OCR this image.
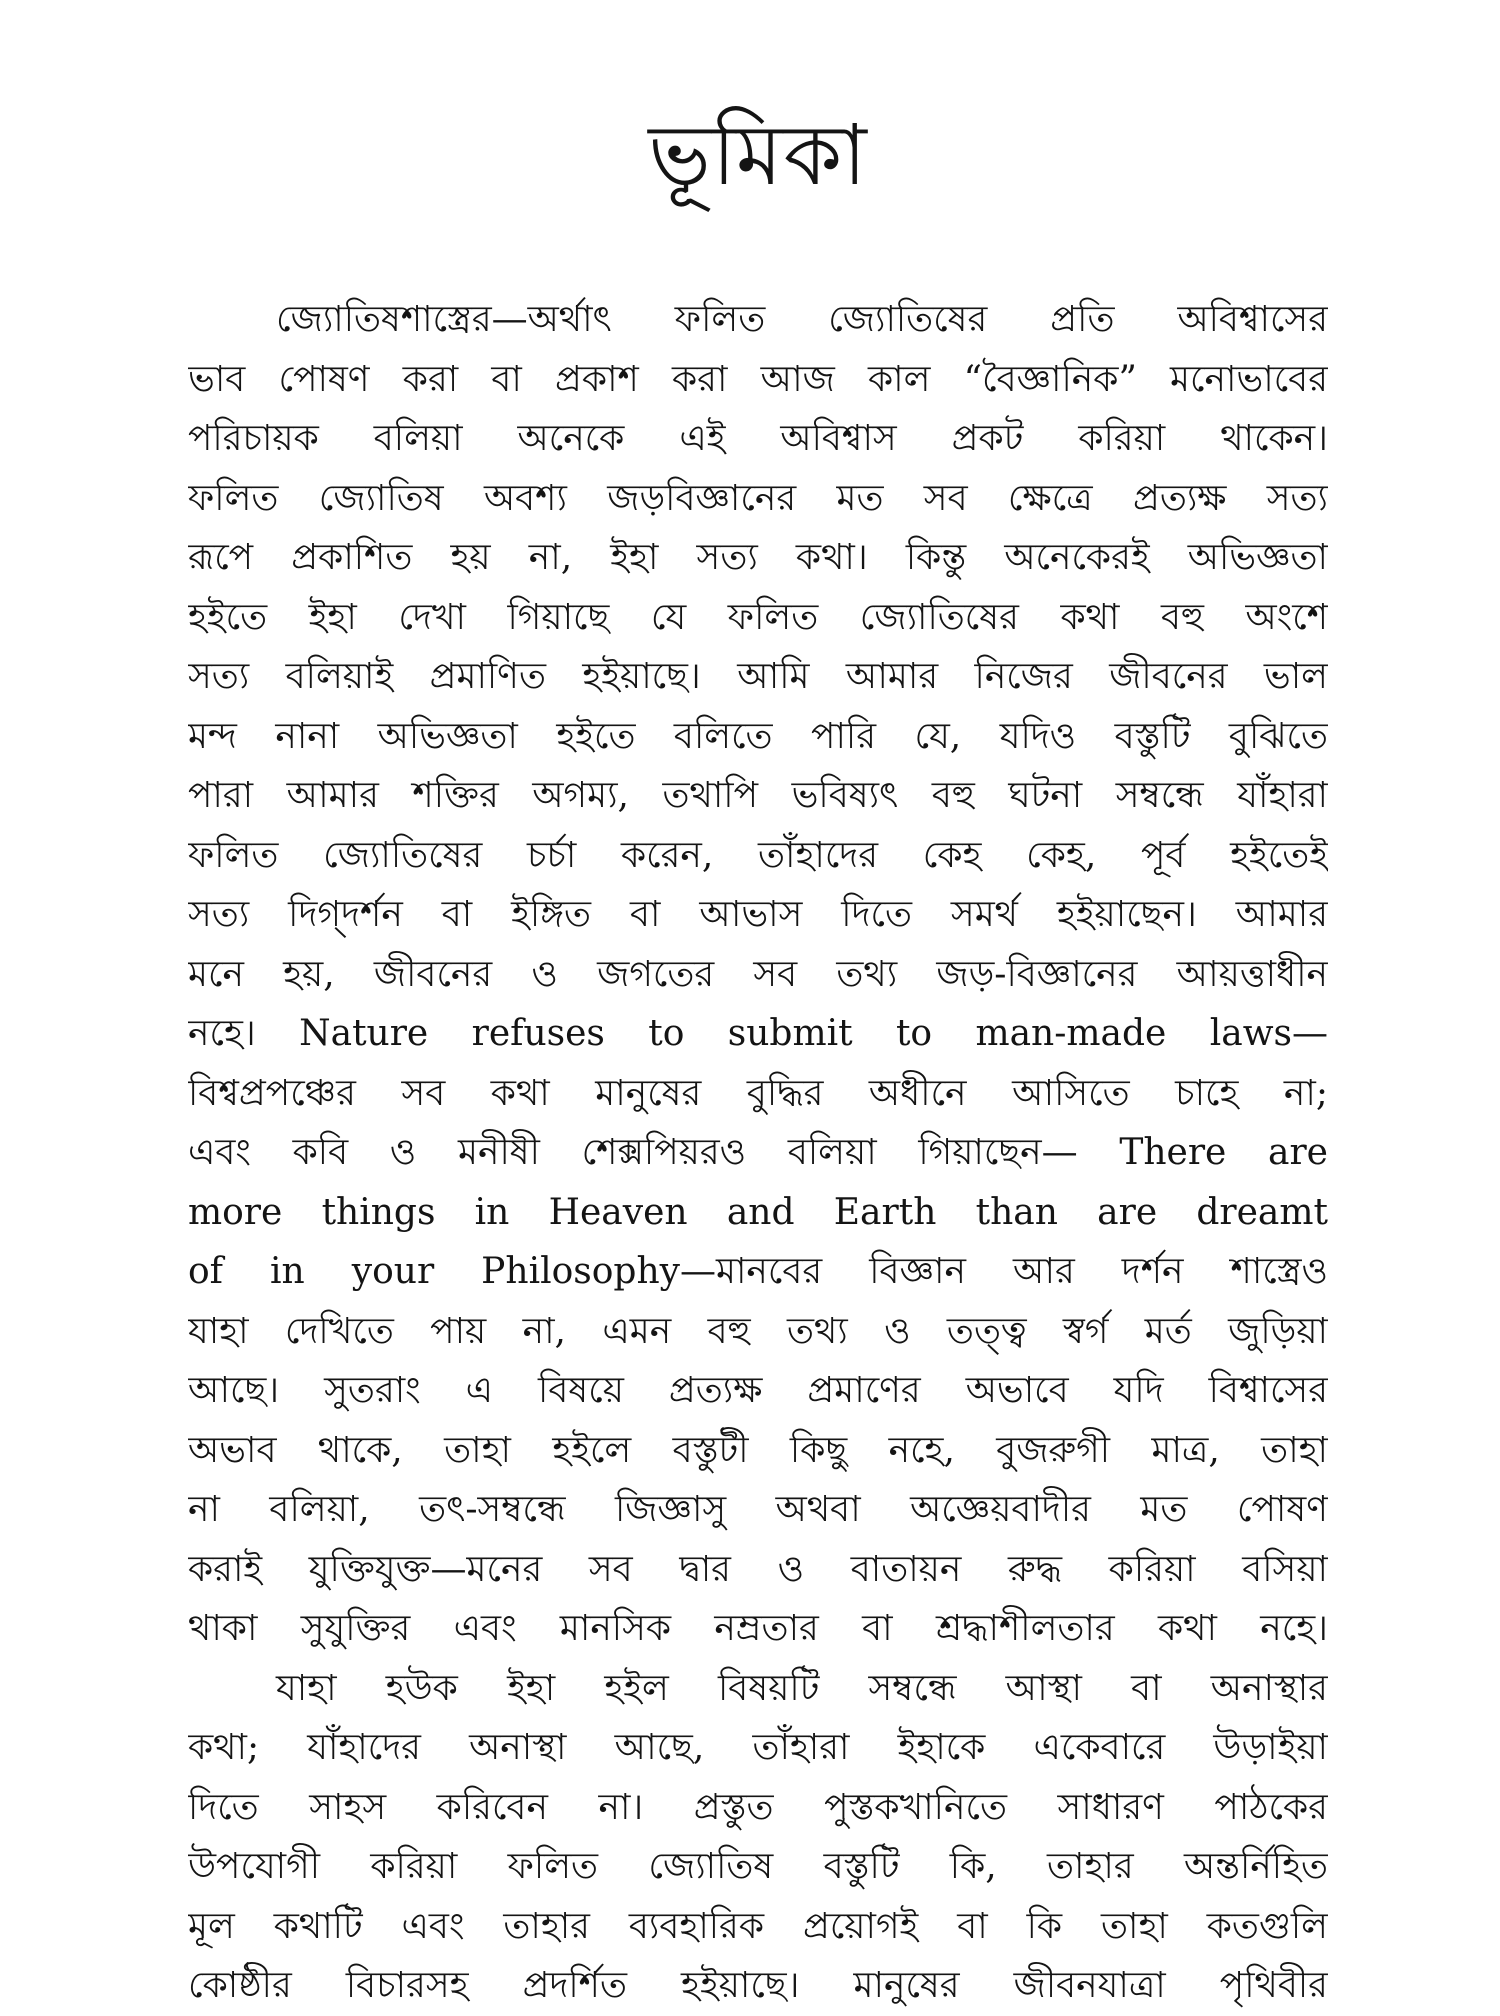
ভূমিকা
জ্যোতিষশাস্ত্রের—অর্থাৎ ফলিত জ্যোতিষের প্রতি অবিশ্বাসের
ভাব পোষণ করা বা প্রকাশ করা আজ কাল “বৈজ্ঞানিক” মনোভাবের
পরিচায়ক বলিয়া অনেকে এই অবিশ্বাস প্রকট করিয়া থাকেন।
ফলিত জ্যোতিষ অবশ্য জড়বিজ্ঞানের মত সব ক্ষেত্রে প্রত্যক্ষ সত্য
রূপে প্রকাশিত হয় না, ইহা সত্য কথা। কিন্তু অনেকেরই অভিজ্ঞতা
হইতে ইহা দেখা গিয়াছে যে ফলিত জ্যোতিষের কথা বহু অংশে
সত্য বলিয়াই প্রমাণিত হইয়াছে। আমি আমার নিজের জীবনের ভাল
মন্দ নানা অভিজ্ঞতা হইতে বলিতে পারি যে, যদিও বস্তুটি বুঝিতে
পারা আমার শক্তির অগম্য, তথাপি ভবিষ্যৎ বহু ঘটনা সম্বন্ধে যাঁহারা
ফলিত জ্যোতিষের চর্চা করেন, তাঁহাদের কেহ কেহ, পূর্ব হইতেই
সত্য দিগ্‌দর্শন বা ইঙ্গিত বা আভাস দিতে সমর্থ হইয়াছেন। আমার
মনে হয়, জীবনের ও জগতের সব তথ্য জড়-বিজ্ঞানের আয়ত্তাধীন
নহে। Nature refuses to submit to man-made laws—
বিশ্বপ্রপঞ্চের সব কথা মানুষের বুদ্ধির অধীনে আসিতে চাহে না;
এবং কবি ও মনীষী শেক্সপিয়রও বলিয়া গিয়াছেন— There are
more things in Heaven and Earth than are dreamt
of in your Philosophy—মানবের বিজ্ঞান আর দর্শন শাস্ত্রেও
যাহা দেখিতে পায় না, এমন বহু তথ্য ও তত্ত্ব স্বর্গ মর্ত জুড়িয়া
আছে। সুতরাং এ বিষয়ে প্রত্যক্ষ প্রমাণের অভাবে যদি বিশ্বাসের
অভাব থাকে, তাহা হইলে বস্তুটী কিছু নহে, বুজরুগী মাত্র, তাহা
না বলিয়া, তৎ-সম্বন্ধে জিজ্ঞাসু অথবা অজ্ঞেয়বাদীর মত পোষণ
করাই যুক্তিযুক্ত—মনের সব দ্বার ও বাতায়ন রুদ্ধ করিয়া বসিয়া
থাকা সুযুক্তির এবং মানসিক নম্রতার বা শ্রদ্ধাশীলতার কথা নহে।
যাহা হউক ইহা হইল বিষয়টি সম্বন্ধে আস্থা বা অনাস্থার
কথা; যাঁহাদের অনাস্থা আছে, তাঁহারা ইহাকে একেবারে উড়াইয়া
দিতে সাহস করিবেন না। প্রস্তুত পুস্তকখানিতে সাধারণ পাঠকের
উপযোগী করিয়া ফলিত জ্যোতিষ বস্তুটি কি, তাহার অন্তর্নিহিত
মূল কথাটি এবং তাহার ব্যবহারিক প্রয়োগই বা কি তাহা কতগুলি
কোষ্ঠীর বিচারসহ প্রদর্শিত হইয়াছে। মানুষের জীবনযাত্রা পৃথিবীর
